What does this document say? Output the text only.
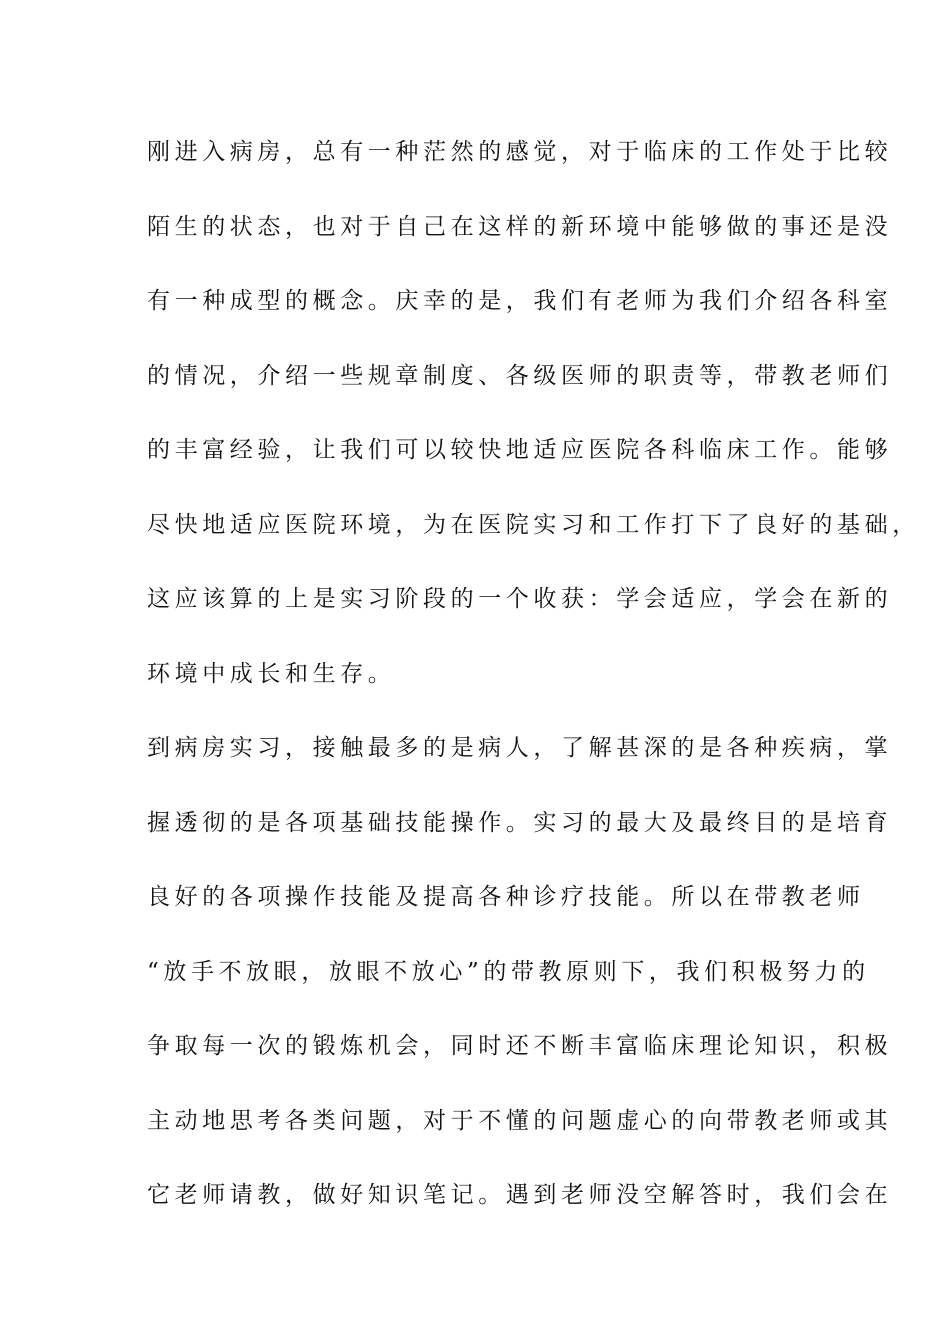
刚进入病房，总有一种茫然的感觉，对于临床的工作处于比较
陌生的状态，也对于自己在这样的新环境中能够做的事还是没
有一种成型的概念。庆幸的是，我们有老师为我们介绍各科室
的情况，介绍一些规章制度、各级医师的职责等，带教老师们
的丰富经验，让我们可以较快地适应医院各科临床工作。能够
尽快地适应医院环境，为在医院实习和工作打下了良好的基础，
这应该算的上是实习阶段的一个收获：学会适应，学会在新的
环境中成长和生存。
到病房实习，接触最多的是病人，了解甚深的是各种疾病，掌
握透彻的是各项基础技能操作。实习的最大及最终目的是培育
良好的各项操作技能及提高各种诊疗技能。所以在带教老师
“放手不放眼，放眼不放心”的带教原则下，我们积极努力的
争取每一次的锻炼机会，同时还不断丰富临床理论知识，积极
主动地思考各类问题，对于不懂的问题虚心的向带教老师或其
它老师请教，做好知识笔记。遇到老师没空解答时，我们会在
